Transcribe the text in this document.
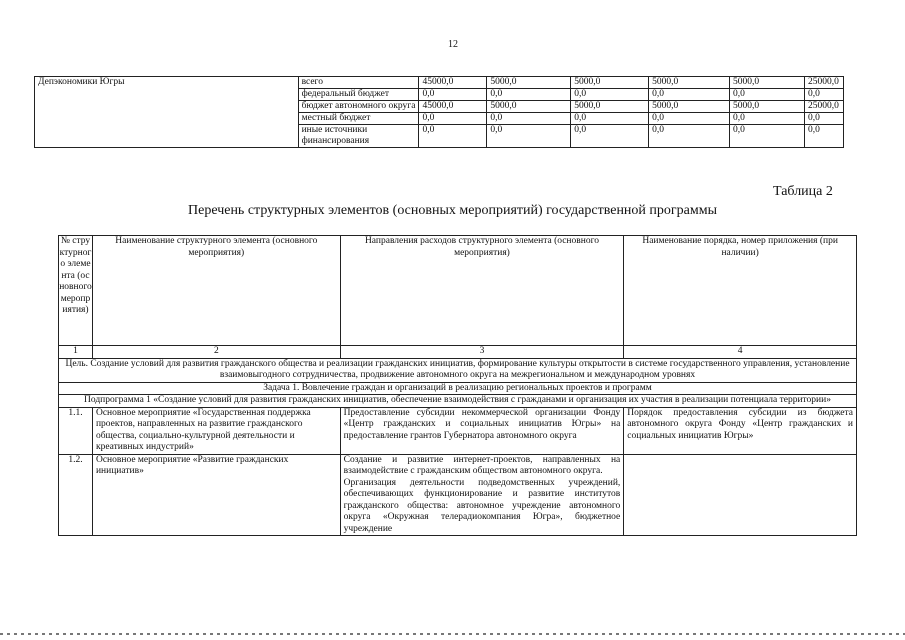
12
Депэкономики Югры	всего	45000,0	5000,0	5000,0	5000,0	5000,0	25000,0
	федеральный бюджет	0,0	0,0	0,0	0,0	0,0	0,0
	бюджет автономного округа	45000,0	5000,0	5000,0	5000,0	5000,0	25000,0
	местный бюджет	0,0	0,0	0,0	0,0	0,0	0,0
	иные источники финансирования	0,0	0,0	0,0	0,0	0,0	0,0
Таблица 2
Перечень структурных элементов (основных мероприятий) государственной программы
№ структурного элемента (основного мероприятия)	Наименование структурного элемента (основного мероприятия)	Направления расходов структурного элемента (основного мероприятия)	Наименование порядка, номер приложения (при наличии)
1	2	3	4
Цель. Создание условий для развития гражданского общества и реализации гражданских инициатив, формирование культуры открытости в системе государственного управления, установление взаимовыгодного сотрудничества, продвижение автономного округа на межрегиональном и международном уровнях			
Задача 1. Вовлечение граждан и организаций в реализацию региональных проектов и программ			
Подпрограмма 1 «Создание условий для развития гражданских инициатив, обеспечение взаимодействия с гражданами и организация их участия в реализации потенциала территории»			
1.1.	Основное мероприятие «Государственная поддержка проектов, направленных на развитие гражданского общества, социально-культурной деятельности и креативных индустрий»	Предоставление субсидии некоммерческой организации Фонду «Центр гражданских и социальных инициатив Югры» на предоставление грантов Губернатора автономного округа	Порядок предоставления субсидии из бюджета автономного округа Фонду «Центр гражданских и социальных инициатив Югры»
1.2.	Основное мероприятие «Развитие гражданских инициатив»	Создание и развитие интернет-проектов, направленных на взаимодействие с гражданским обществом автономного округа.
Организация деятельности подведомственных учреждений, обеспечивающих функционирование и развитие институтов гражданского общества: автономное учреждение автономного округа «Окружная телерадиокомпания Югра», бюджетное учреждение	
